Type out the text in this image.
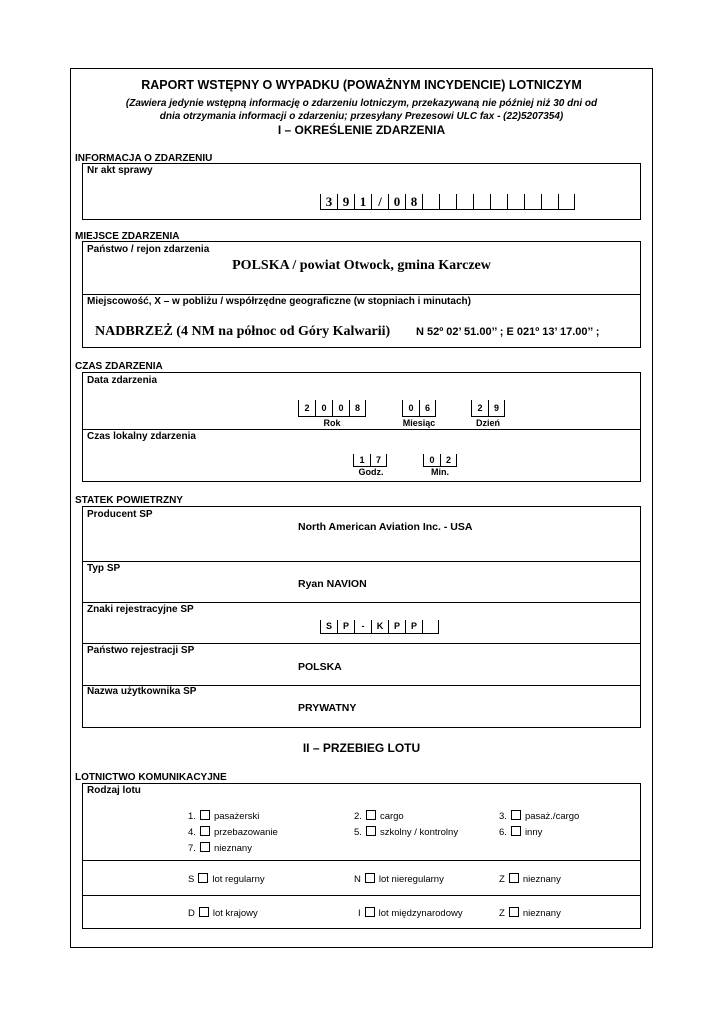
RAPORT WSTĘPNY O WYPADKU (POWAŻNYM INCYDENCIE) LOTNICZYM
(Zawiera jedynie wstępną informację o zdarzeniu lotniczym, przekazywaną nie później niż 30 dni od
dnia otrzymania informacji o zdarzeniu; przesyłany Prezesowi ULC fax - (22)5207354)
I – OKREŚLENIE ZDARZENIA
INFORMACJA O ZDARZENIU
Nr akt sprawy
3 9 1 / 0 8
MIEJSCE ZDARZENIA
Państwo / rejon zdarzenia
POLSKA / powiat Otwock, gmina Karczew
Miejscowość, X – w pobliżu / współrzędne geograficzne (w stopniach i minutach)
NADBRZEŻ (4 NM na północ od Góry Kalwarii) N 52º 02’ 51.00’’ ; E 021º 13’ 17.00’’ ;
CZAS ZDARZENIA
Data zdarzenia
2	0	0	8	0	6	2	9
Rok	Miesiąc	Dzień
Czas lokalny zdarzenia
1	7	0	2
Godz.	Min.
STATEK POWIETRZNY
Producent SP
North American Aviation Inc. - USA
Typ SP
Ryan NAVION
Znaki rejestracyjne SP
S	P	-	K	P	P
Państwo rejestracji SP
POLSKA
Nazwa użytkownika SP
PRYWATNY
II – PRZEBIEG LOTU
LOTNICTWO KOMUNIKACYJNE
Rodzaj lotu
1. pasażerski	2. cargo	3. pasaż./cargo
4. przebazowanie	5. szkolny / kontrolny	6. inny
7. nieznany
S lot regularny	N lot nieregularny	Z nieznany
D lot krajowy	I lot międzynarodowy	Z nieznany
